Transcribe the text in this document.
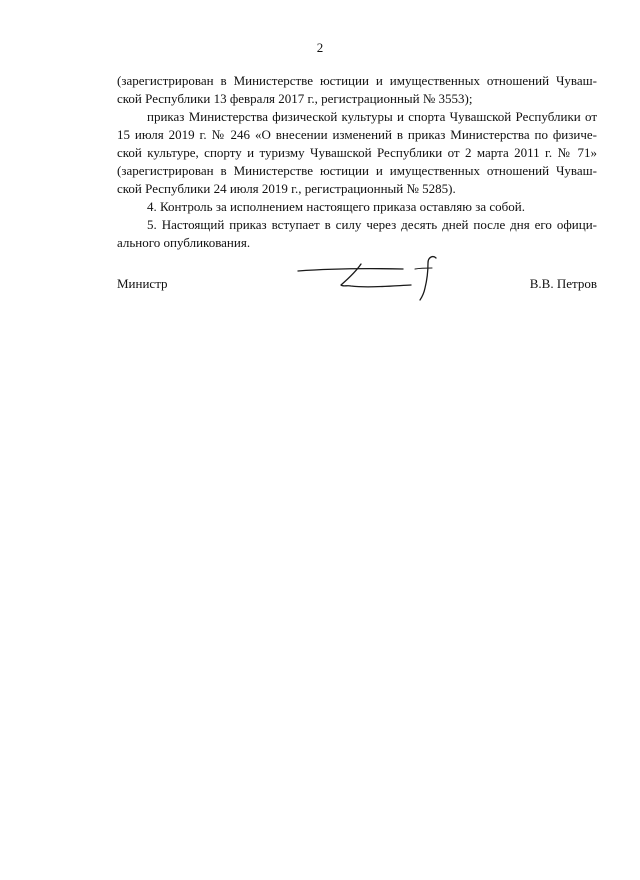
2
(зарегистрирован в Министерстве юстиции и имущественных отношений Чуваш-
ской Республики 13 февраля 2017 г., регистрационный № 3553);
приказ Министерства физической культуры и спорта Чувашской Республики от
15 июля 2019 г. № 246 «О внесении изменений в приказ Министерства по физиче-
ской культуре, спорту и туризму Чувашской Республики от 2 марта 2011 г. № 71»
(зарегистрирован в Министерстве юстиции и имущественных отношений Чуваш-
ской Республики 24 июля 2019 г., регистрационный № 5285).
4. Контроль за исполнением настоящего приказа оставляю за собой.
5. Настоящий приказ вступает в силу через десять дней после дня его офици-
ального опубликования.
Министр	В.В. Петров
